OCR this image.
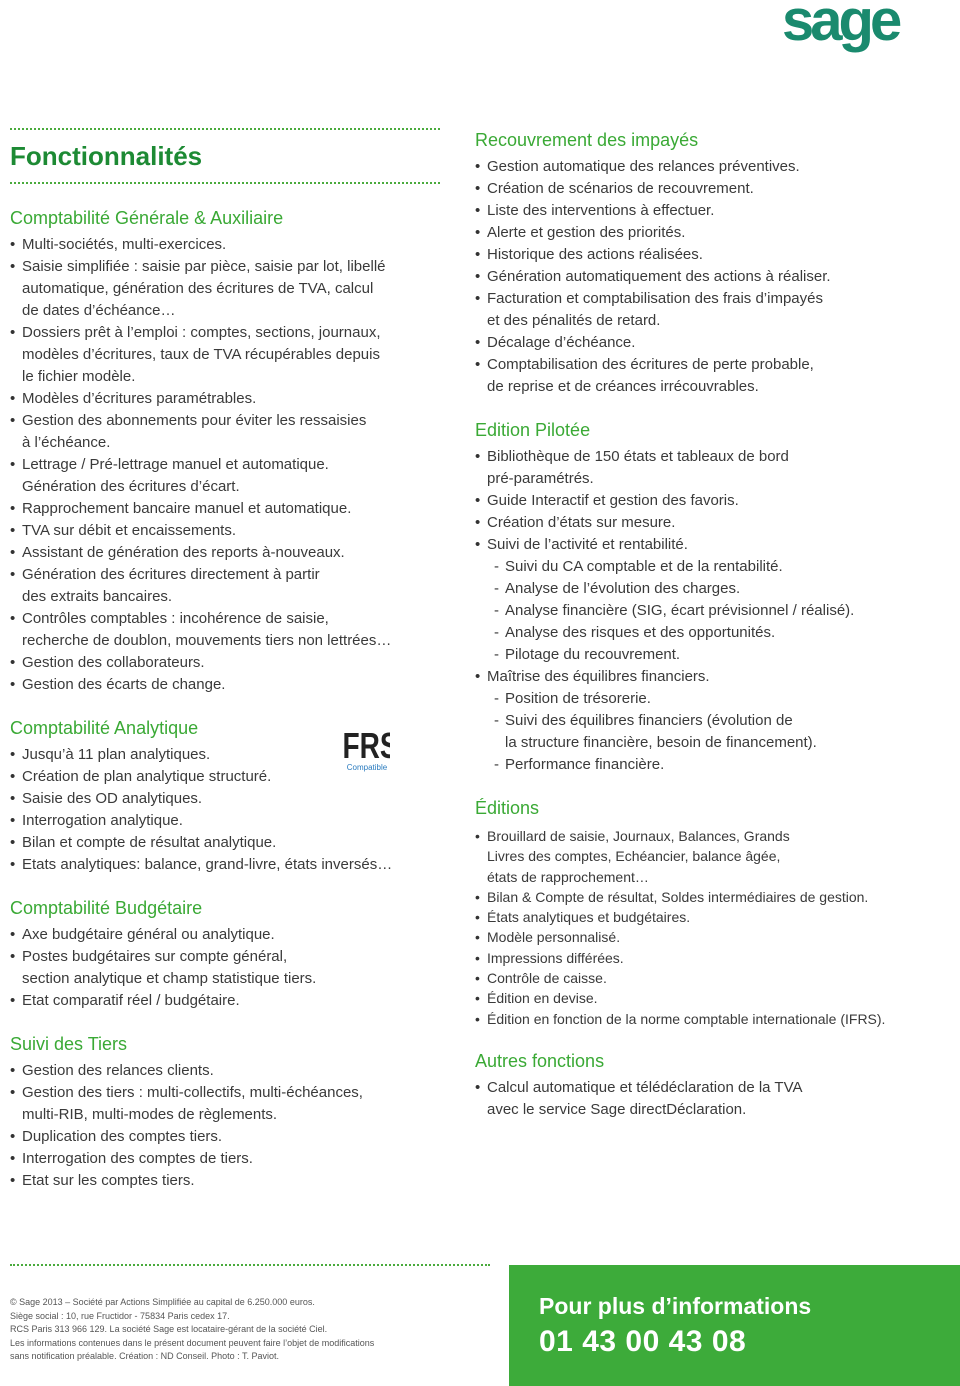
sage
Fonctionnalités
Comptabilité Générale & Auxiliaire
• Multi-sociétés, multi-exercices.
• Saisie simplifiée : saisie par pièce, saisie par lot, libellé
automatique, génération des écritures de TVA, calcul
de dates d’échéance…
• Dossiers prêt à l’emploi : comptes, sections, journaux,
modèles d’écritures, taux de TVA récupérables depuis
le fichier modèle.
• Modèles d’écritures paramétrables.
• Gestion des abonnements pour éviter les ressaisies
à l’échéance.
• Lettrage / Pré-lettrage manuel et automatique.
Génération des écritures d’écart.
• Rapprochement bancaire manuel et automatique.
• TVA sur débit et encaissements.
• Assistant de génération des reports à-nouveaux.
• Génération des écritures directement à partir
des extraits bancaires.
• Contrôles comptables : incohérence de saisie,
recherche de doublon, mouvements tiers non lettrées…
• Gestion des collaborateurs.
• Gestion des écarts de change.
Comptabilité Analytique
• Jusqu’à 11 plan analytiques.
• Création de plan analytique structuré.
• Saisie des OD analytiques.
• Interrogation analytique.
• Bilan et compte de résultat analytique.
• Etats analytiques: balance, grand-livre, états inversés…
Comptabilité Budgétaire
• Axe budgétaire général ou analytique.
• Postes budgétaires sur compte général,
section analytique et champ statistique tiers.
• Etat comparatif réel / budgétaire.
Suivi des Tiers
• Gestion des relances clients.
• Gestion des tiers : multi-collectifs, multi-échéances,
multi-RIB, multi-modes de règlements.
• Duplication des comptes tiers.
• Interrogation des comptes de tiers.
• Etat sur les comptes tiers.
FR
Compatible
Recouvrement des impayés
• Gestion automatique des relances préventives.
• Création de scénarios de recouvrement.
• Liste des interventions à effectuer.
• Alerte et gestion des priorités.
• Historique des actions réalisées.
• Génération automatiquement des actions à réaliser.
• Facturation et comptabilisation des frais d’impayés
et des pénalités de retard.
• Décalage d’échéance.
• Comptabilisation des écritures de perte probable,
de reprise et de créances irrécouvrables.
Edition Pilotée
• Bibliothèque de 150 états et tableaux de bord
pré-paramétrés.
• Guide Interactif et gestion des favoris.
• Création d’états sur mesure.
• Suivi de l’activité et rentabilité.
- Suivi du CA comptable et de la rentabilité.
- Analyse de l’évolution des charges.
- Analyse financière (SIG, écart prévisionnel / réalisé).
- Analyse des risques et des opportunités.
- Pilotage du recouvrement.
• Maîtrise des équilibres financiers.
- Position de trésorerie.
- Suivi des équilibres financiers (évolution de
la structure financière, besoin de financement).
- Performance financière.
Éditions
• Brouillard de saisie, Journaux, Balances, Grands
Livres des comptes, Echéancier, balance âgée,
états de rapprochement…
• Bilan & Compte de résultat, Soldes intermédiaires de gestion.
• États analytiques et budgétaires.
• Modèle personnalisé.
• Impressions différées.
• Contrôle de caisse.
• Édition en devise.
• Édition en fonction de la norme comptable internationale (IFRS).
Autres fonctions
• Calcul automatique et télédéclaration de la TVA
avec le service Sage directDéclaration.
© Sage 2013 – Société par Actions Simplifiée au capital de 6.250.000 euros.
Siège social : 10, rue Fructidor - 75834 Paris cedex 17.
RCS Paris 313 966 129. La société Sage est locataire-gérant de la société Ciel.
Les informations contenues dans le présent document peuvent faire l’objet de modifications
sans notification préalable. Création : ND Conseil. Photo : T. Paviot.
Pour plus d’informations
01 43 00 43 08
